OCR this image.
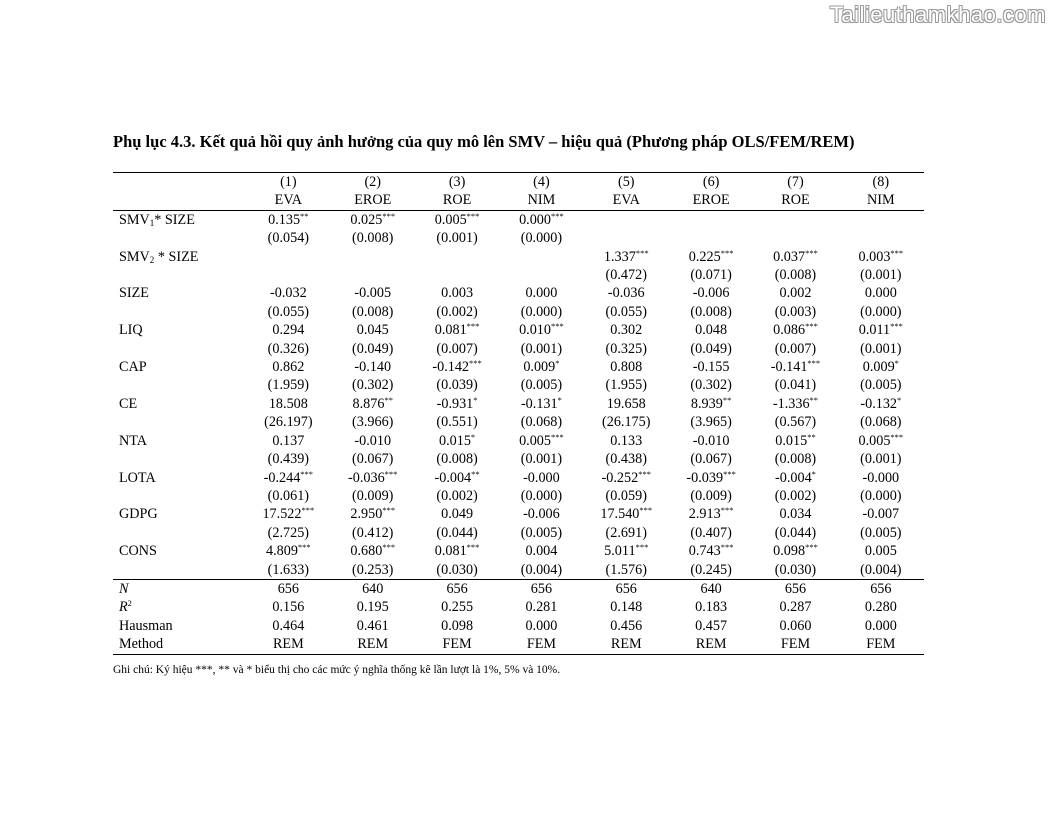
Tailieuthamkhao.com
Phụ lục 4.3. Kết quả hồi quy ảnh hưởng của quy mô lên SMV – hiệu quả (Phương pháp OLS/FEM/REM)
	(1)	(2)	(3)	(4)	(5)	(6)	(7)	(8)
	EVA	EROE	ROE	NIM	EVA	EROE	ROE	NIM
$SMV_1*$ SIZE	0.135**	0.025***	0.005***	0.000***				
	(0.054)	(0.008)	(0.001)	(0.000)				
$SMV_2$ * SIZE					1.337***	0.225***	0.037***	0.003***
					(0.472)	(0.071)	(0.008)	(0.001)
SIZE	-0.032	-0.005	0.003	0.000	-0.036	-0.006	0.002	0.000
	(0.055)	(0.008)	(0.002)	(0.000)	(0.055)	(0.008)	(0.003)	(0.000)
LIQ	0.294	0.045	0.081***	0.010***	0.302	0.048	0.086***	0.011***
	(0.326)	(0.049)	(0.007)	(0.001)	(0.325)	(0.049)	(0.007)	(0.001)
CAP	0.862	-0.140	-0.142***	0.009*	0.808	-0.155	-0.141***	0.009*
	(1.959)	(0.302)	(0.039)	(0.005)	(1.955)	(0.302)	(0.041)	(0.005)
CE	18.508	8.876**	-0.931*	-0.131*	19.658	8.939**	-1.336**	-0.132*
	(26.197)	(3.966)	(0.551)	(0.068)	(26.175)	(3.965)	(0.567)	(0.068)
NTA	0.137	-0.010	0.015*	0.005***	0.133	-0.010	0.015**	0.005***
	(0.439)	(0.067)	(0.008)	(0.001)	(0.438)	(0.067)	(0.008)	(0.001)
LOTA	-0.244***	-0.036***	-0.004**	-0.000	-0.252***	-0.039***	-0.004*	-0.000
	(0.061)	(0.009)	(0.002)	(0.000)	(0.059)	(0.009)	(0.002)	(0.000)
GDPG	17.522***	2.950***	0.049	-0.006	17.540***	2.913***	0.034	-0.007
	(2.725)	(0.412)	(0.044)	(0.005)	(2.691)	(0.407)	(0.044)	(0.005)
CONS	4.809***	0.680***	0.081***	0.004	5.011***	0.743***	0.098***	0.005
	(1.633)	(0.253)	(0.030)	(0.004)	(1.576)	(0.245)	(0.030)	(0.004)
N	656	640	656	656	656	640	656	656
$R^2$	0.156	0.195	0.255	0.281	0.148	0.183	0.287	0.280
Hausman	0.464	0.461	0.098	0.000	0.456	0.457	0.060	0.000
Method	REM	REM	FEM	FEM	REM	REM	FEM	FEM
Ghi chú: Ký hiệu ***, ** và * biểu thị cho các mức ý nghĩa thống kê lần lượt là 1%, 5% và 10%.
